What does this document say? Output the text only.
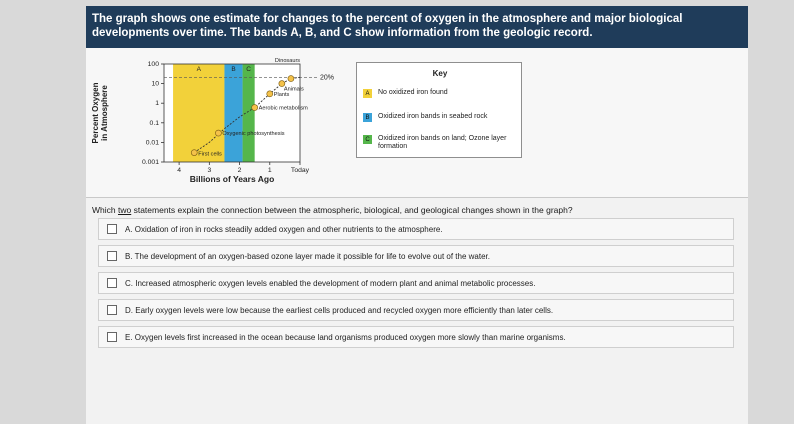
The graph shows one estimate for changes to the percent of oxygen in the atmosphere and major biological developments over time. The bands A, B, and C show information from the geologic record.
A	B C
20%
100
10
1
0.1
0.01
0.001
4	3	2	1	Today
Billions of Years Ago
Percent Oxygen in Atmosphere
First cells
Oxygenic photosynthesis
Aerobic metabolism
Plants
Animals
Dinosaurs
Key
A	No oxidized iron found
B	Oxidized iron bands in seabed rock
C	Oxidized iron bands on land; Ozone layer formation
Which two statements explain the connection between the atmospheric, biological, and geological changes shown in the graph?
A. Oxidation of iron in rocks steadily added oxygen and other nutrients to the atmosphere.
B. The development of an oxygen-based ozone layer made it possible for life to evolve out of the water.
C. Increased atmospheric oxygen levels enabled the development of modern plant and animal metabolic processes.
D. Early oxygen levels were low because the earliest cells produced and recycled oxygen more efficiently than later cells.
E. Oxygen levels first increased in the ocean because land organisms produced oxygen more slowly than marine organisms.
